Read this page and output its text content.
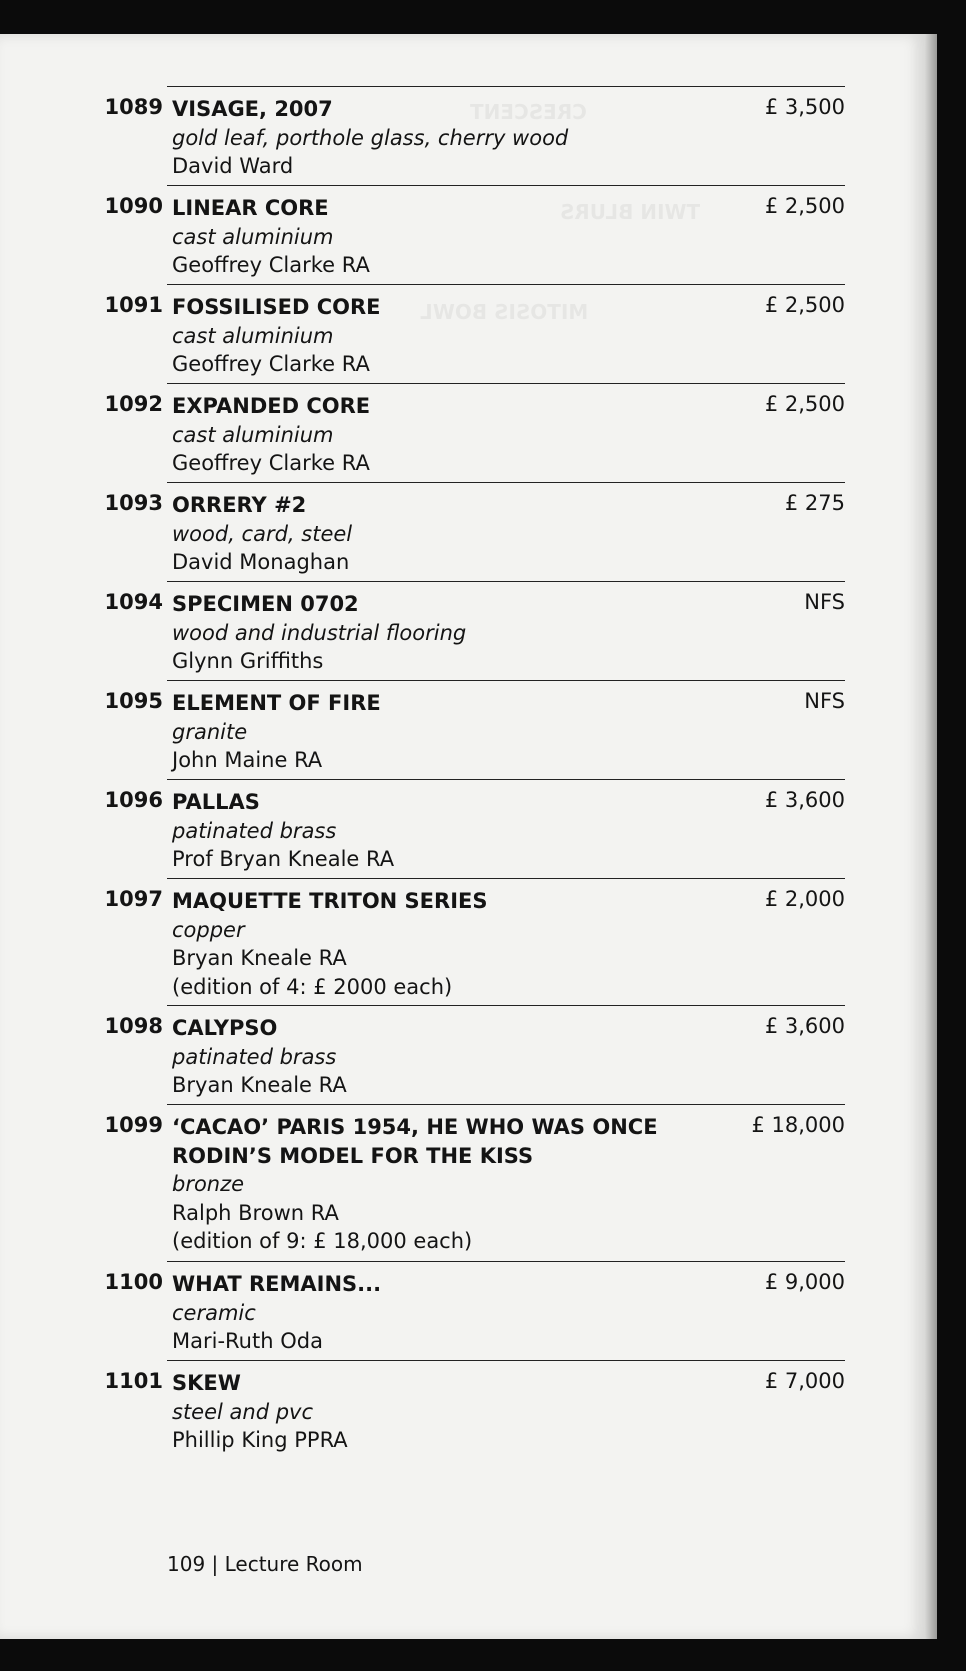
CRESCENT
TWIN BLURS
MITOSIS BOWL
1089 VISAGE, 2007
gold leaf, porthole glass, cherry wood
David Ward
£ 3,500
1090 LINEAR CORE
cast aluminium
Geoffrey Clarke RA
£ 2,500
1091 FOSSILISED CORE
cast aluminium
Geoffrey Clarke RA
£ 2,500
1092 EXPANDED CORE
cast aluminium
Geoffrey Clarke RA
£ 2,500
1093 ORRERY #2
wood, card, steel
David Monaghan
£ 275
1094 SPECIMEN 0702
wood and industrial flooring
Glynn Griffiths
NFS
1095 ELEMENT OF FIRE
granite
John Maine RA
NFS
1096 PALLAS
patinated brass
Prof Bryan Kneale RA
£ 3,600
1097 MAQUETTE TRITON SERIES
copper
Bryan Kneale RA
(edition of 4: £ 2000 each)
£ 2,000
1098 CALYPSO
patinated brass
Bryan Kneale RA
£ 3,600
1099 ‘CACAO’ PARIS 1954, HE WHO WAS ONCE RODIN’S MODEL FOR THE KISS
bronze
Ralph Brown RA
(edition of 9: £ 18,000 each)
£ 18,000
1100 WHAT REMAINS...
ceramic
Mari-Ruth Oda
£ 9,000
1101 SKEW
steel and pvc
Phillip King PPRA
£ 7,000
109 | Lecture Room
